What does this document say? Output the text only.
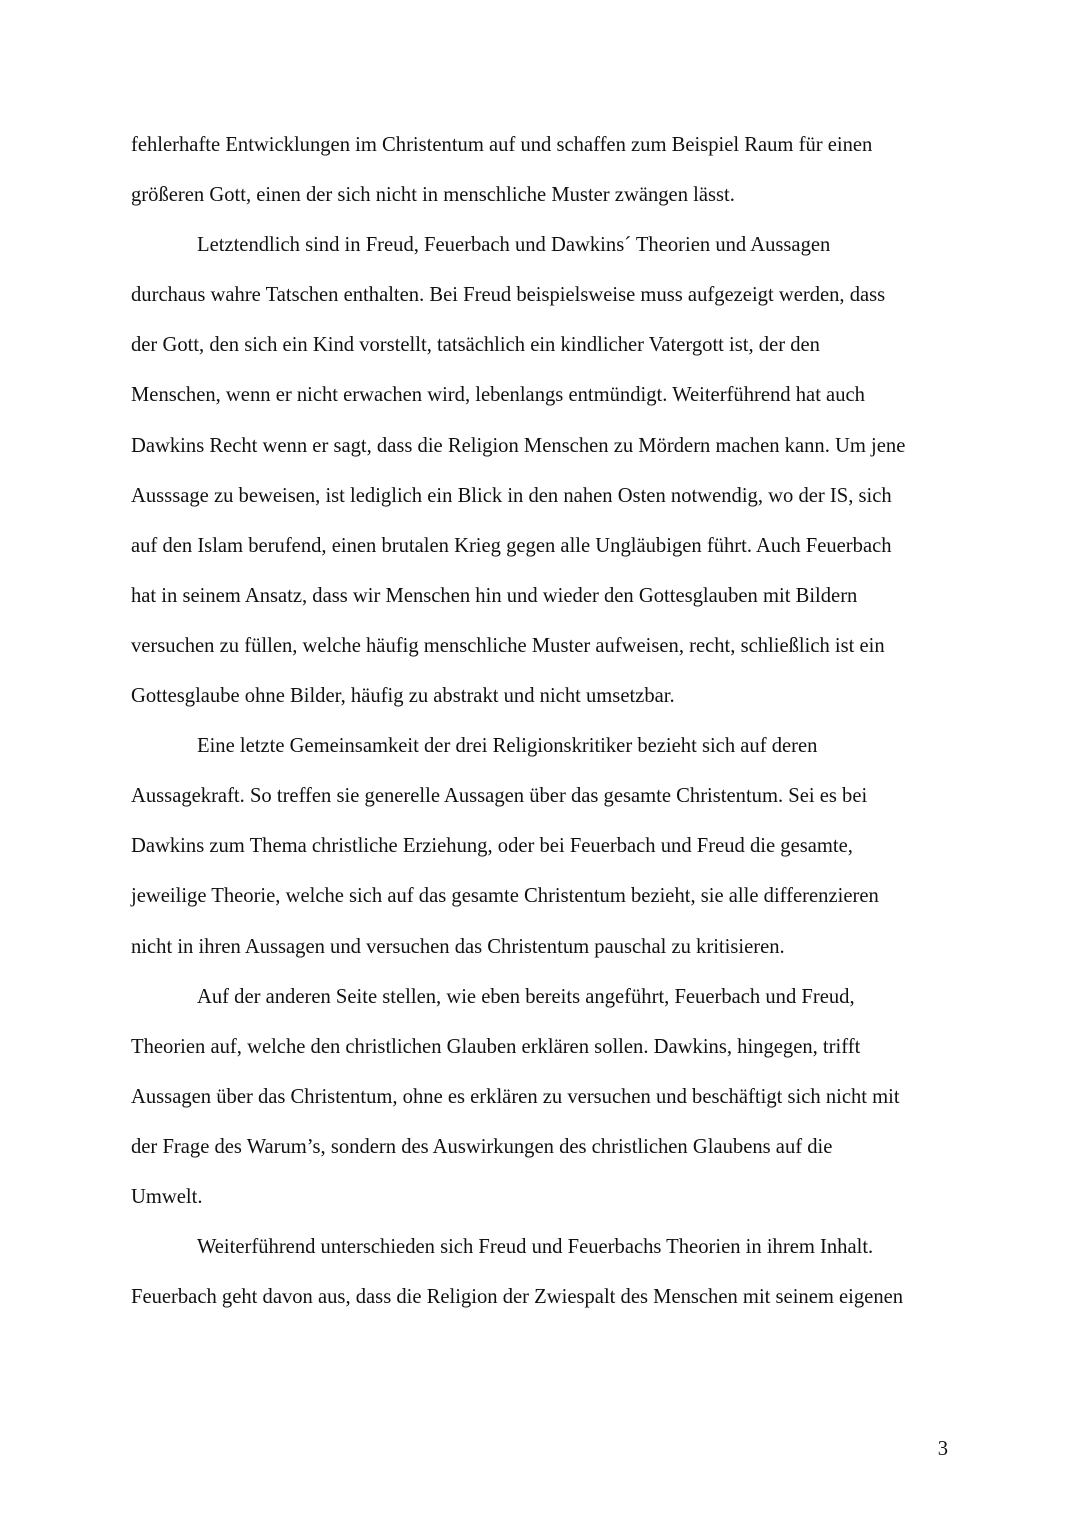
fehlerhafte Entwicklungen im Christentum auf und schaffen zum Beispiel Raum für einen
größeren Gott, einen der sich nicht in menschliche Muster zwängen lässt.
Letztendlich sind in Freud, Feuerbach und Dawkins´ Theorien und Aussagen
durchaus wahre Tatschen enthalten. Bei Freud beispielsweise muss aufgezeigt werden, dass
der Gott, den sich ein Kind vorstellt, tatsächlich ein kindlicher Vatergott ist, der den
Menschen, wenn er nicht erwachen wird, lebenlangs entmündigt. Weiterführend hat auch
Dawkins Recht wenn er sagt, dass die Religion Menschen zu Mördern machen kann. Um jene
Ausssage zu beweisen, ist lediglich ein Blick in den nahen Osten notwendig, wo der IS, sich
auf den Islam berufend, einen brutalen Krieg gegen alle Ungläubigen führt. Auch Feuerbach
hat in seinem Ansatz, dass wir Menschen hin und wieder den Gottesglauben mit Bildern
versuchen zu füllen, welche häufig menschliche Muster aufweisen, recht, schließlich ist ein
Gottesglaube ohne Bilder, häufig zu abstrakt und nicht umsetzbar.
Eine letzte Gemeinsamkeit der drei Religionskritiker bezieht sich auf deren
Aussagekraft. So treffen sie generelle Aussagen über das gesamte Christentum. Sei es bei
Dawkins zum Thema christliche Erziehung, oder bei Feuerbach und Freud die gesamte,
jeweilige Theorie, welche sich auf das gesamte Christentum bezieht, sie alle differenzieren
nicht in ihren Aussagen und versuchen das Christentum pauschal zu kritisieren.
Auf der anderen Seite stellen, wie eben bereits angeführt, Feuerbach und Freud,
Theorien auf, welche den christlichen Glauben erklären sollen. Dawkins, hingegen, trifft
Aussagen über das Christentum, ohne es erklären zu versuchen und beschäftigt sich nicht mit
der Frage des Warum’s, sondern des Auswirkungen des christlichen Glaubens auf die
Umwelt.
Weiterführend unterschieden sich Freud und Feuerbachs Theorien in ihrem Inhalt.
Feuerbach geht davon aus, dass die Religion der Zwiespalt des Menschen mit seinem eigenen
3
